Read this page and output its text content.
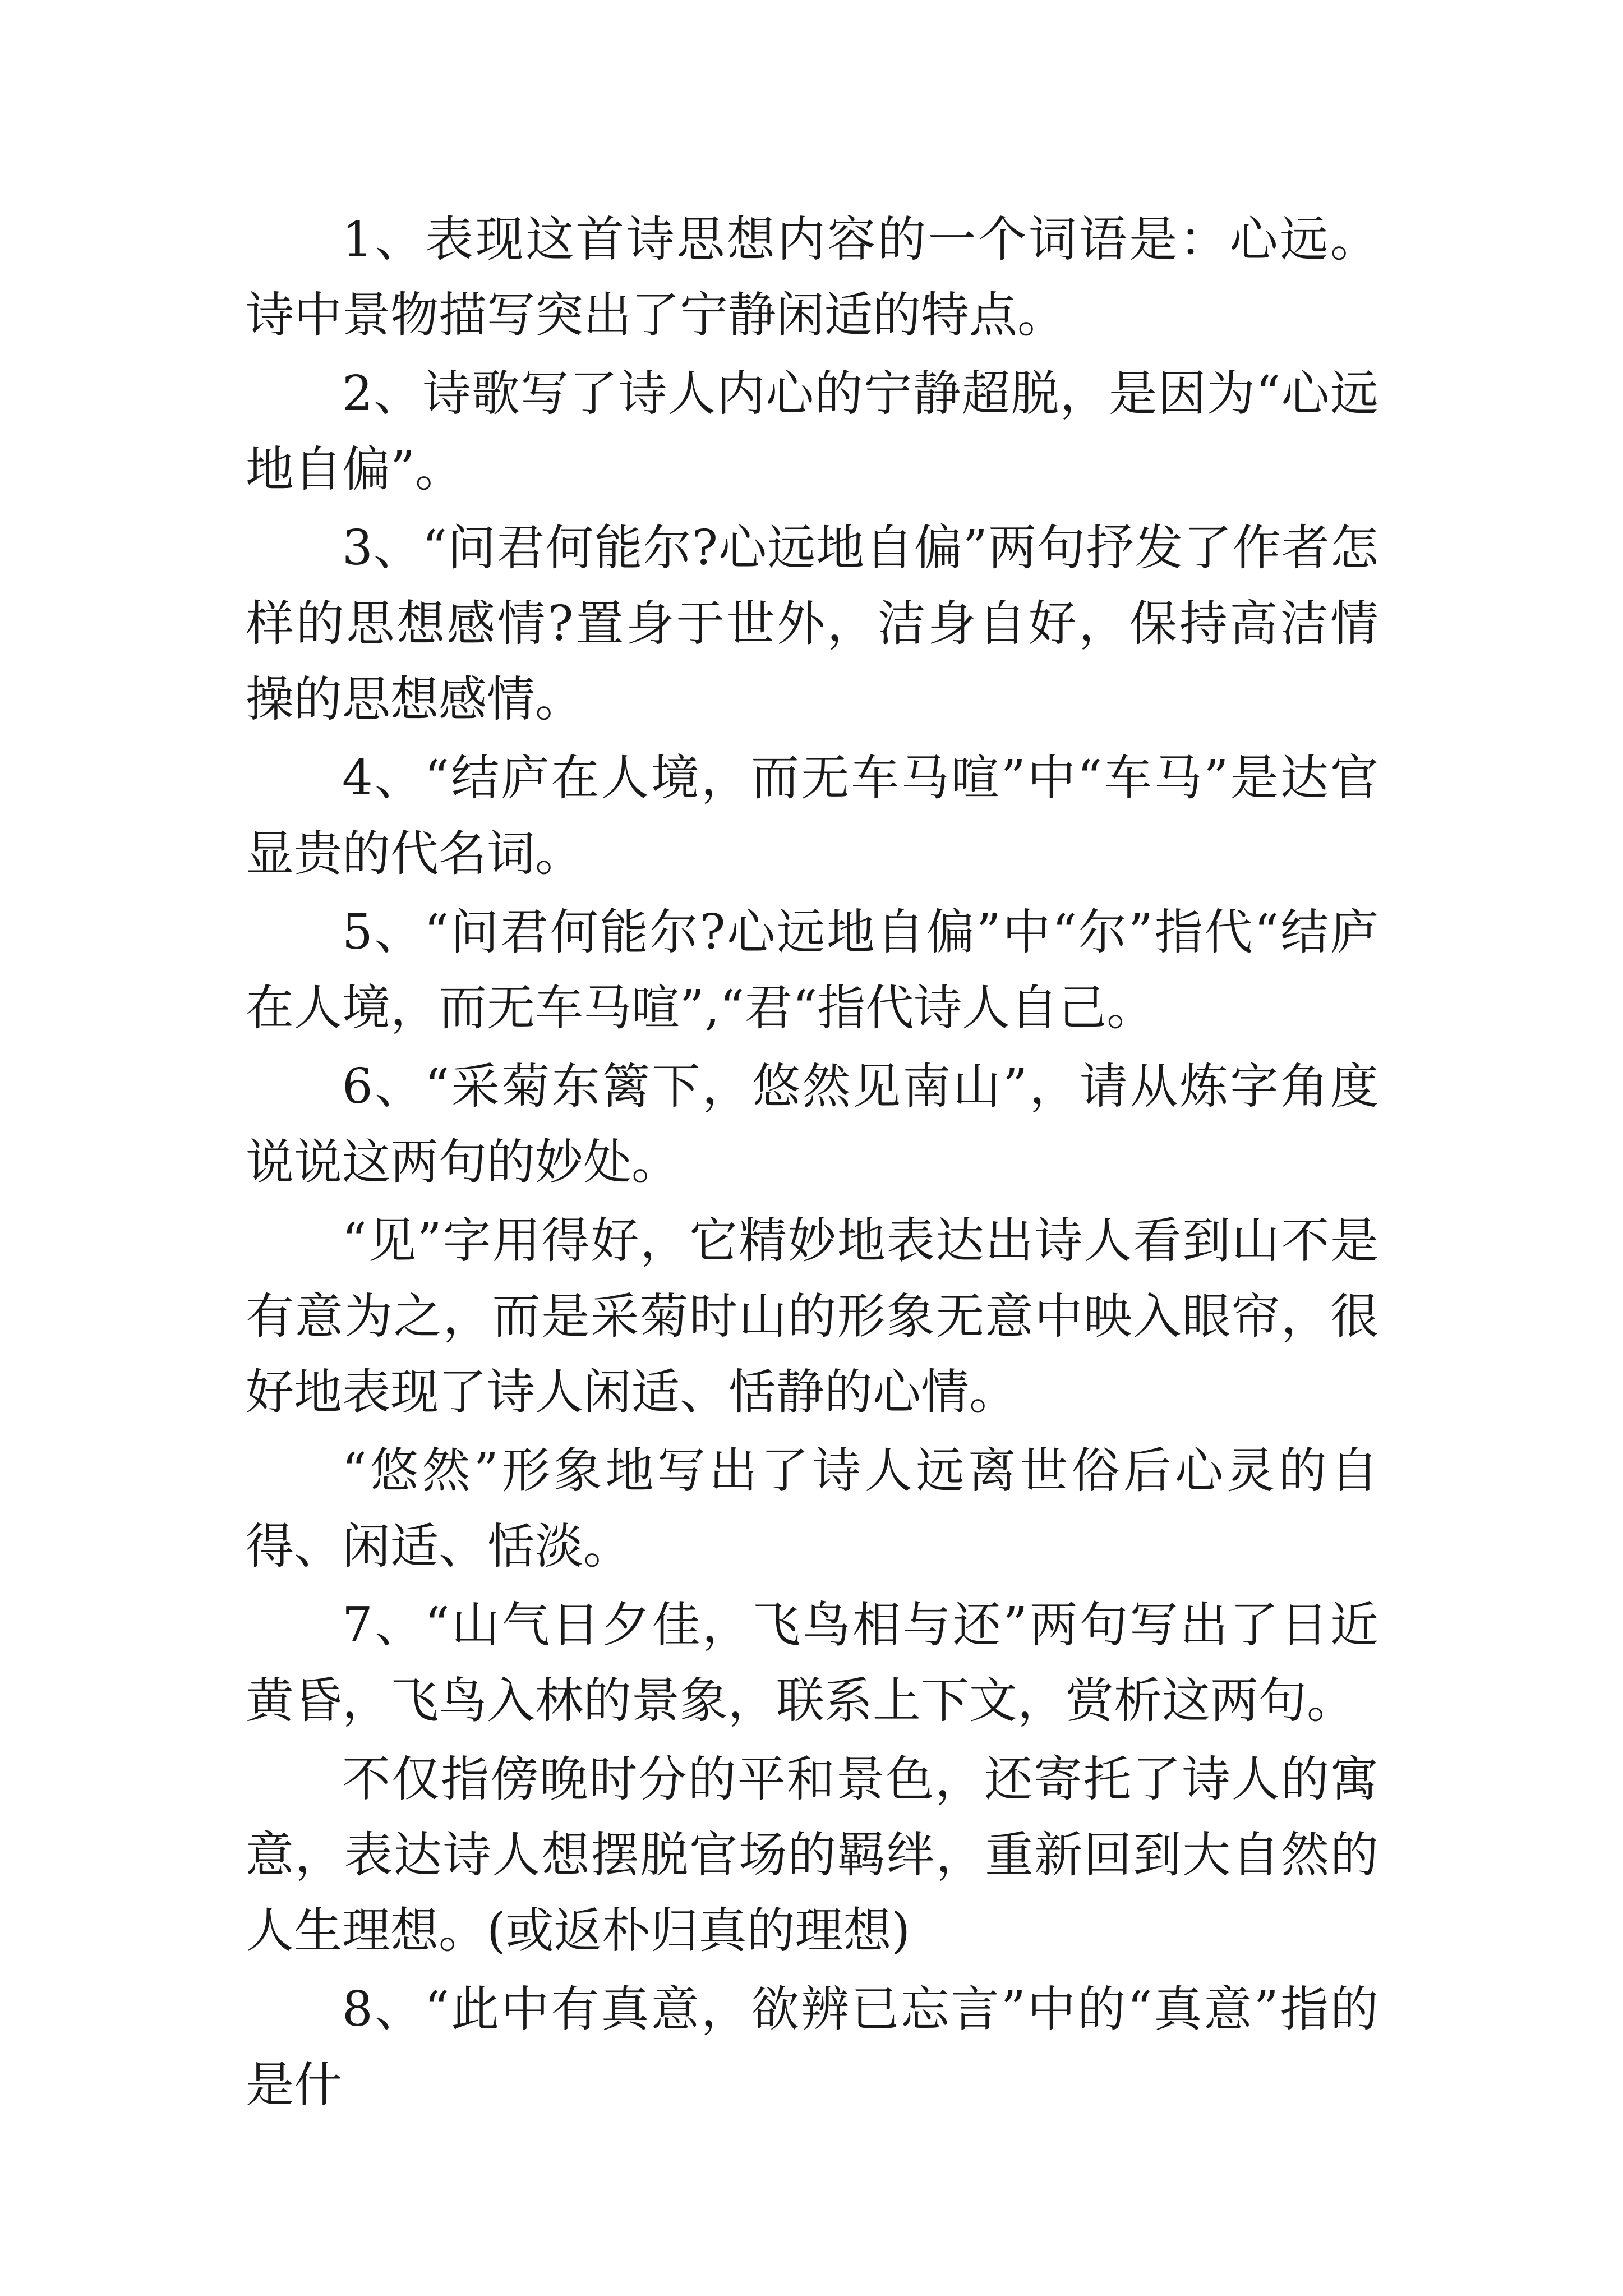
1、表现这首诗思想内容的一个词语是：心远。诗中景物描写突出了宁静闲适的特点。

2、诗歌写了诗人内心的宁静超脱，是因为“心远地自偏”。

3、“问君何能尔?心远地自偏”两句抒发了作者怎样的思想感情?置身于世外，洁身自好，保持高洁情操的思想感情。

4、“结庐在人境，而无车马喧”中“车马”是达官显贵的代名词。

5、“问君何能尔?心远地自偏”中“尔”指代“结庐在人境，而无车马喧”,“君“指代诗人自己。

6、“采菊东篱下，悠然见南山”，请从炼字角度说说这两句的妙处。

“见”字用得好，它精妙地表达出诗人看到山不是有意为之，而是采菊时山的形象无意中映入眼帘，很好地表现了诗人闲适、恬静的心情。

“悠然”形象地写出了诗人远离世俗后心灵的自得、闲适、恬淡。

7、“山气日夕佳，飞鸟相与还”两句写出了日近黄昏，飞鸟入林的景象，联系上下文，赏析这两句。

不仅指傍晚时分的平和景色，还寄托了诗人的寓意，表达诗人想摆脱官场的羁绊，重新回到大自然的人生理想。(或返朴归真的理想)

8、“此中有真意，欲辨已忘言”中的“真意”指的是什
